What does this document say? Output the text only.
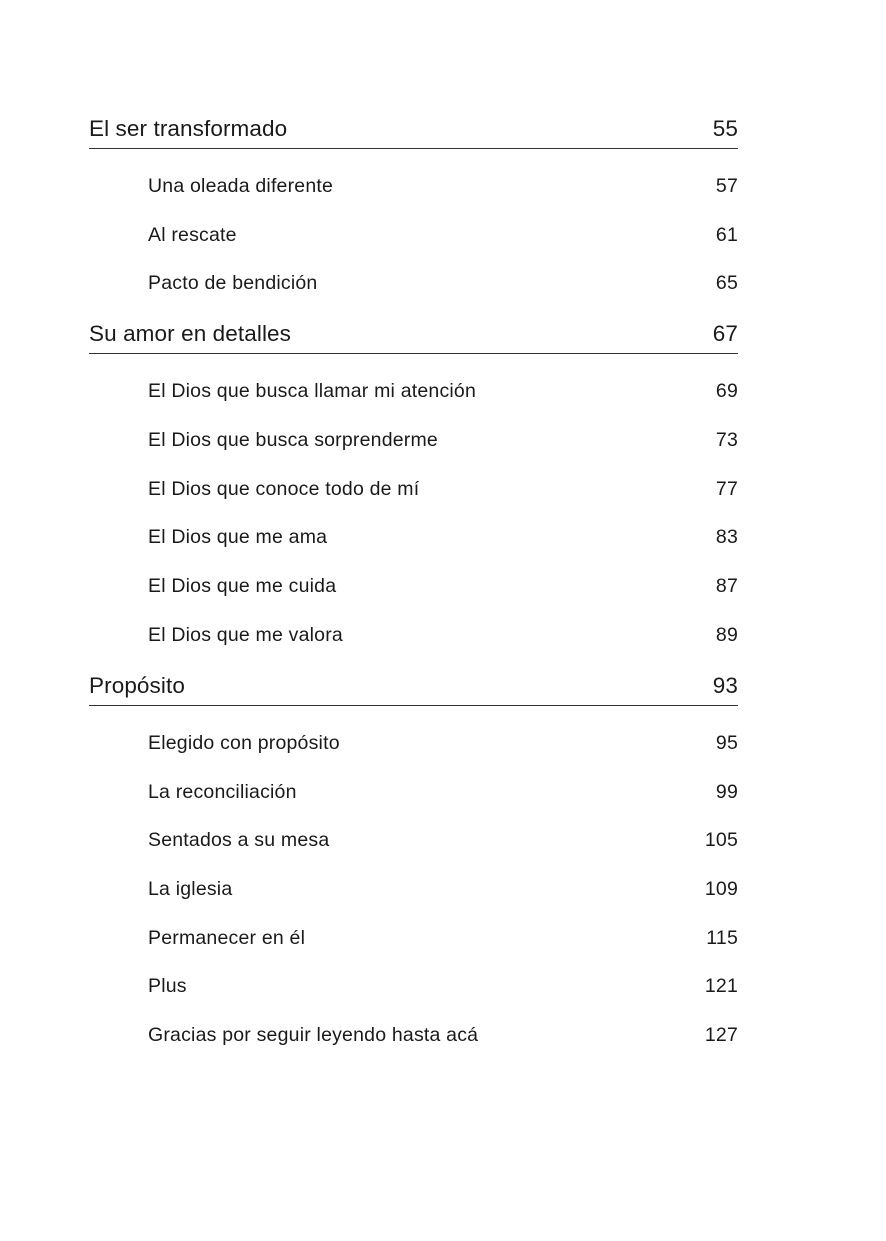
El ser transformado	55
Una oleada diferente	57
Al rescate	61
Pacto de bendición	65
Su amor en detalles	67
El Dios que busca llamar mi atención	69
El Dios que busca sorprenderme	73
El Dios que conoce todo de mí	77
El Dios que me ama	83
El Dios que me cuida	87
El Dios que me valora	89
Propósito	93
Elegido con propósito	95
La reconciliación	99
Sentados a su mesa	105
La iglesia	109
Permanecer en él	115
Plus	121
Gracias por seguir leyendo hasta acá	127
